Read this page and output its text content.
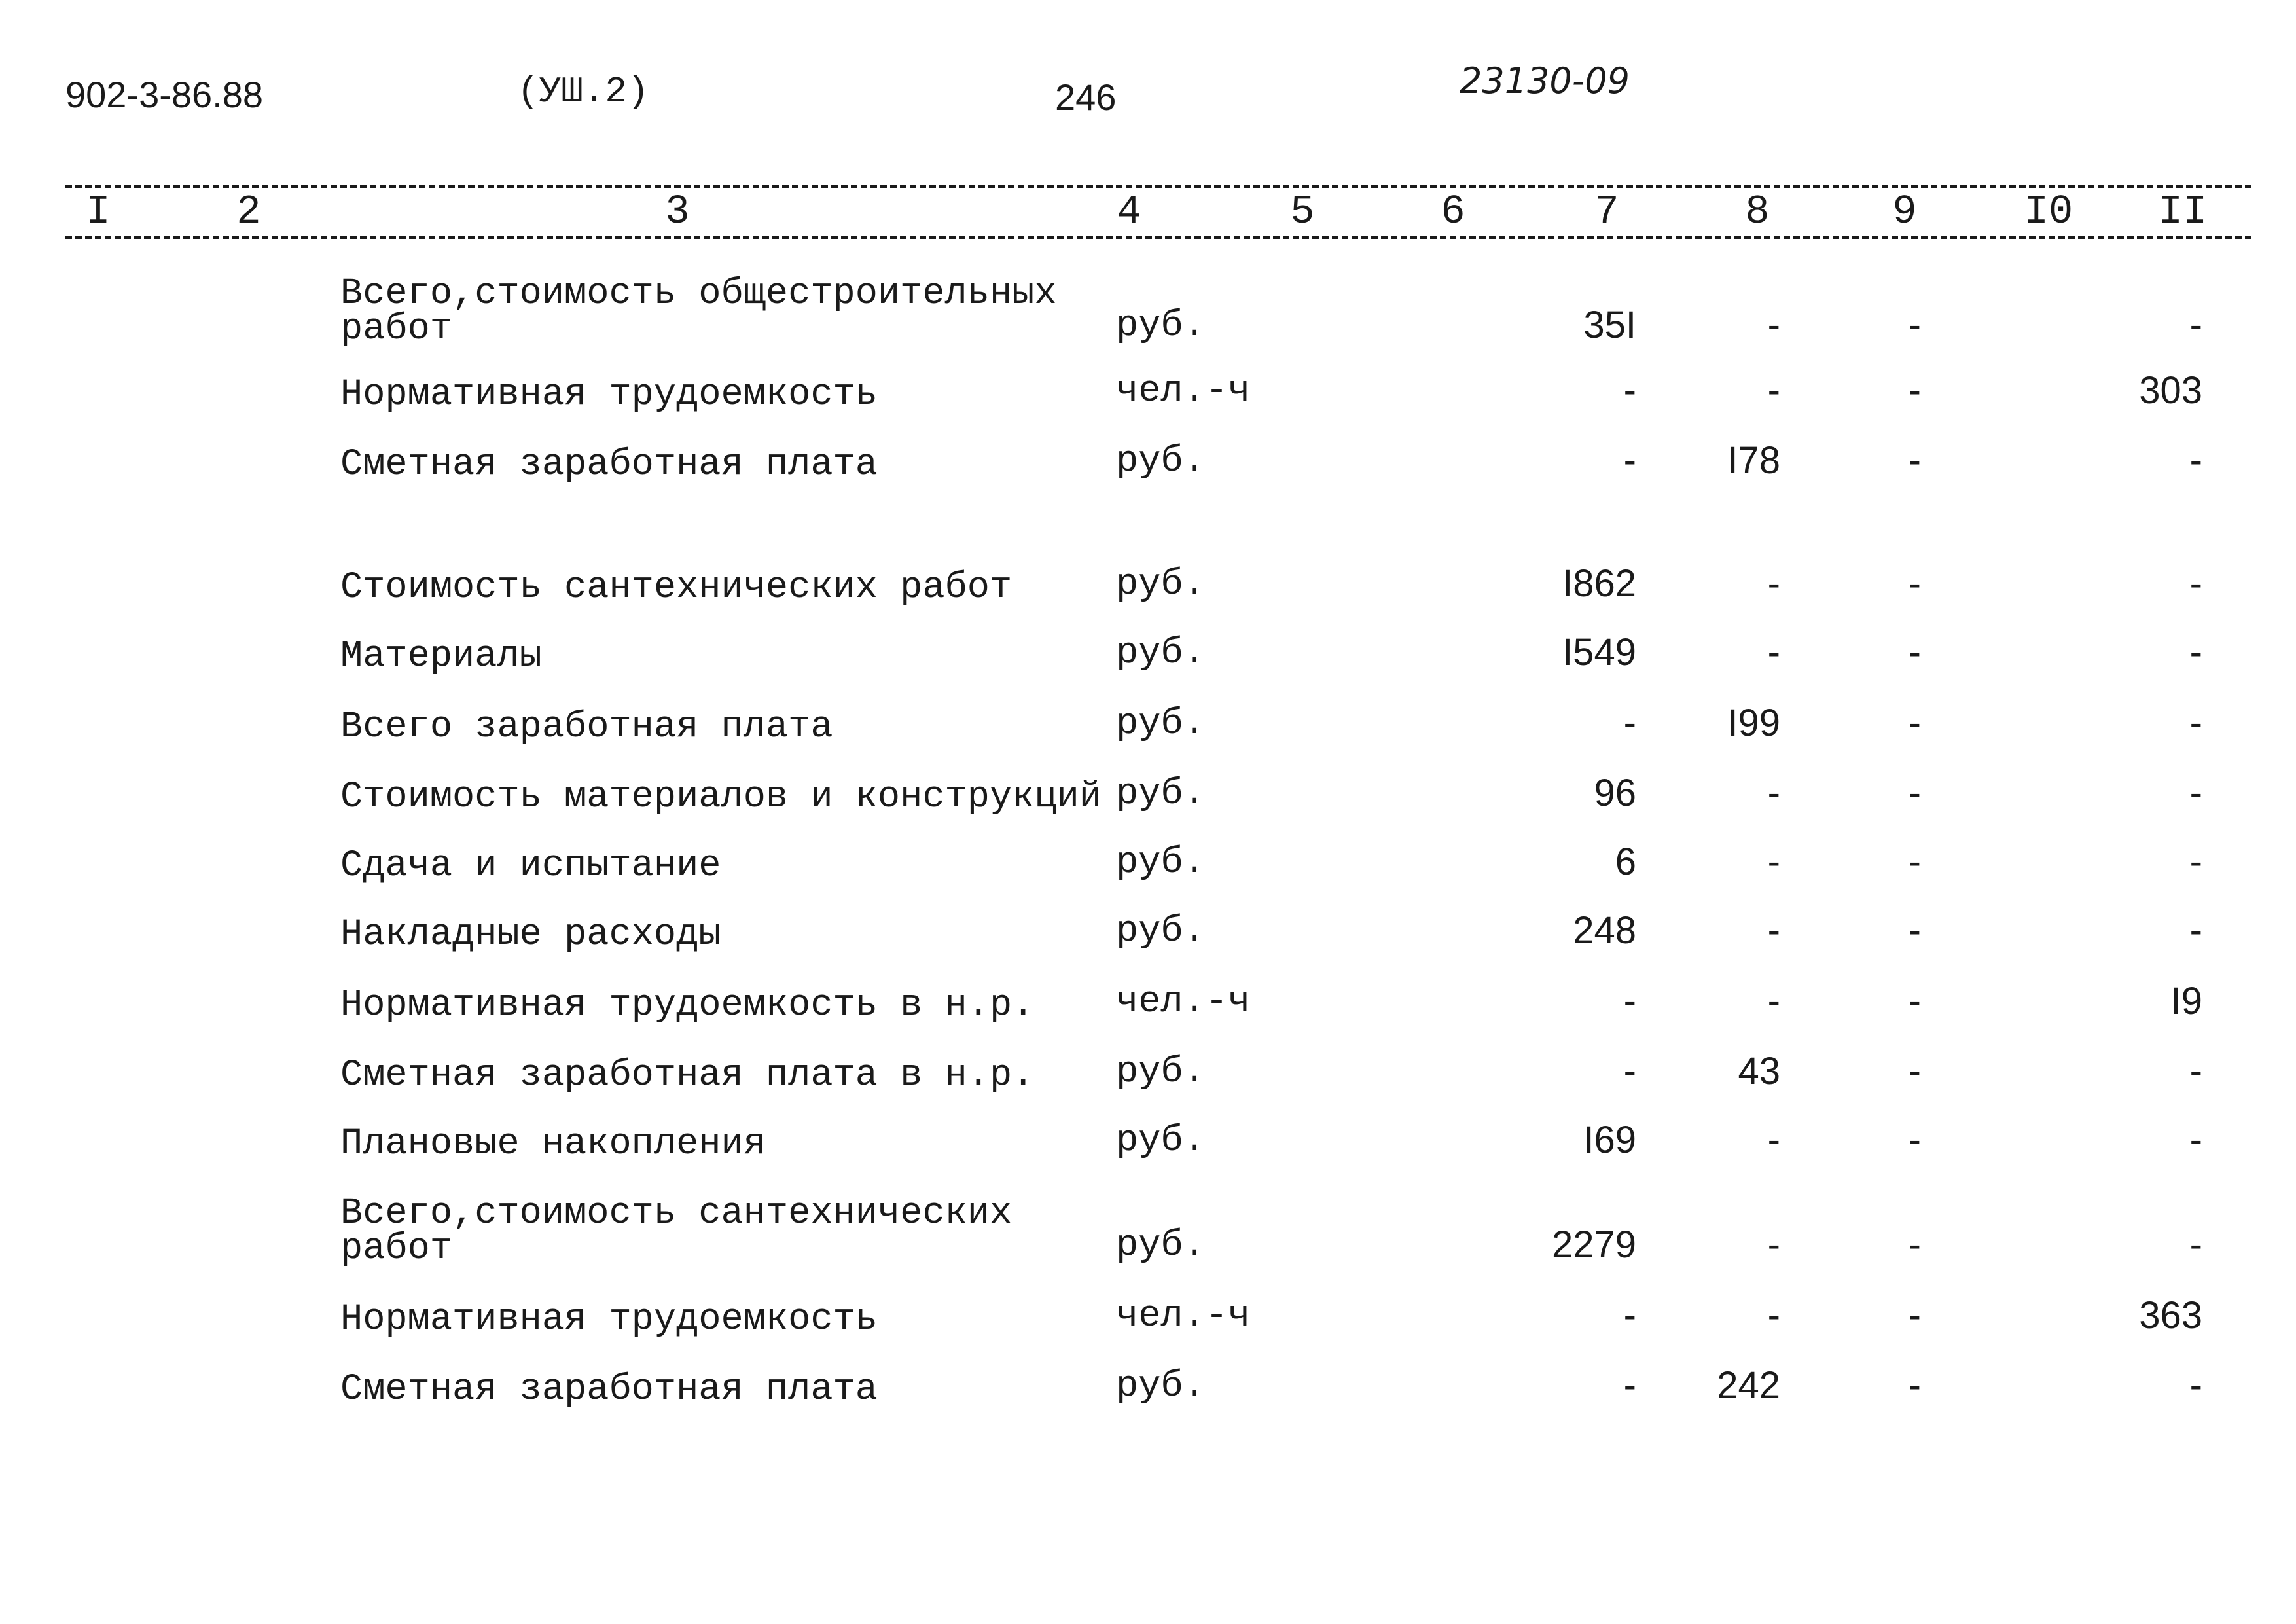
902-3-86.88	(УШ.2)	246	23130-09
I	2	3	4	5	6	7	8	9	I0 II
Всего,стоимость общестроительных
работ	руб.	35I	-	-	-
Нормативная трудоемкость	чел.-ч	-	-	-	303
Сметная заработная плата	руб.	-	I78	-	-
Стоимость сантехнических работ	руб.	I862	-	-	-
Материалы	руб.	I549	-	-	-
Всего заработная плата	руб.	-	I99	-	-
Стоимость материалов и конструкций руб.	96	-	-	-
Сдача и испытание	руб.	6	-	-	-
Накладные расходы	руб.	248	-	-	-
Нормативная трудоемкость в н.р.	чел.-ч	-	-	-	I9
Сметная заработная плата в н.р.	руб.	-	43	-	-
Плановые накопления	руб.	I69	-	-	-
Всего,стоимость сантехнических
работ	руб.	2279	-	-	-
Нормативная трудоемкость	чел.-ч	-	-	-	363
Сметная заработная плата	руб.	-	242	-	-
